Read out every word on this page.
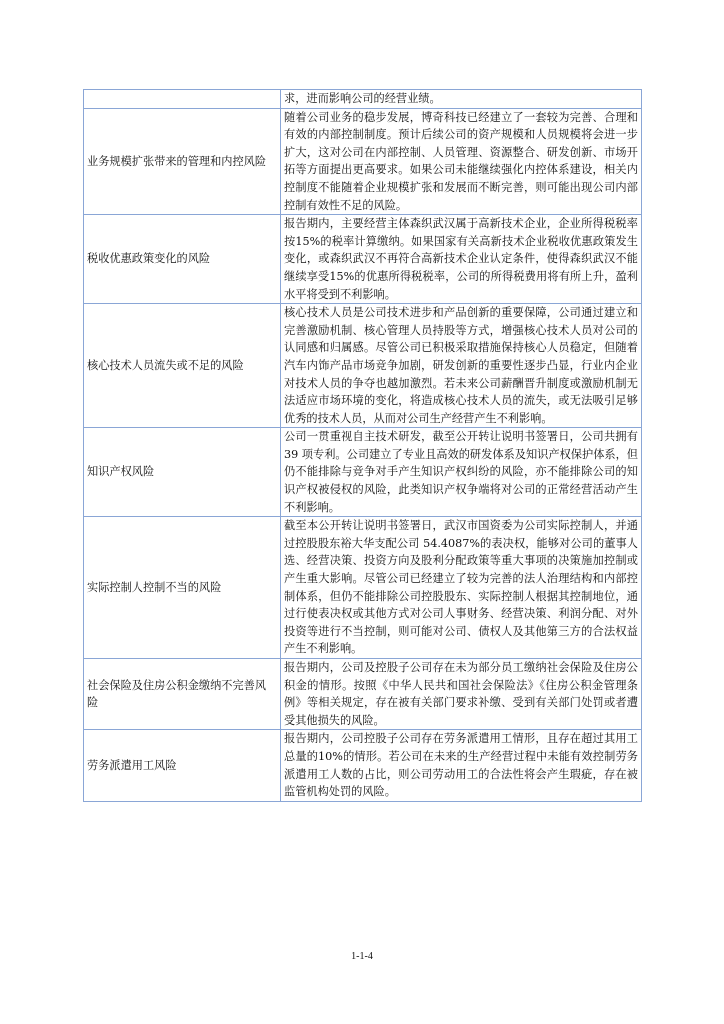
	求，进而影响公司的经营业绩。
业务规模扩张带来的管理和内控风险	随着公司业务的稳步发展，博奇科技已经建立了一套较为完善、合理和有效的内部控制制度。预计后续公司的资产规模和人员规模将会进一步扩大，这对公司在内部控制、人员管理、资源整合、研发创新、市场开拓等方面提出更高要求。如果公司未能继续强化内控体系建设，相关内控制度不能随着企业规模扩张和发展而不断完善，则可能出现公司内部控制有效性不足的风险。
税收优惠政策变化的风险	报告期内，主要经营主体森织武汉属于高新技术企业，企业所得税税率按15%的税率计算缴纳。如果国家有关高新技术企业税收优惠政策发生变化，或森织武汉不再符合高新技术企业认定条件，使得森织武汉不能继续享受15%的优惠所得税税率，公司的所得税费用将有所上升，盈利水平将受到不利影响。
核心技术人员流失或不足的风险	核心技术人员是公司技术进步和产品创新的重要保障，公司通过建立和完善激励机制、核心管理人员持股等方式，增强核心技术人员对公司的认同感和归属感。尽管公司已积极采取措施保持核心人员稳定，但随着汽车内饰产品市场竞争加剧，研发创新的重要性逐步凸显，行业内企业对技术人员的争夺也越加激烈。若未来公司薪酬晋升制度或激励机制无法适应市场环境的变化，将造成核心技术人员的流失，或无法吸引足够优秀的技术人员，从而对公司生产经营产生不利影响。
知识产权风险	公司一贯重视自主技术研发，截至公开转让说明书签署日，公司共拥有 39 项专利。公司建立了专业且高效的研发体系及知识产权保护体系，但仍不能排除与竞争对手产生知识产权纠纷的风险，亦不能排除公司的知识产权被侵权的风险，此类知识产权争端将对公司的正常经营活动产生不利影响。
实际控制人控制不当的风险	截至本公开转让说明书签署日，武汉市国资委为公司实际控制人，并通过控股股东裕大华支配公司 54.4087%的表决权，能够对公司的董事人选、经营决策、投资方向及股利分配政策等重大事项的决策施加控制或产生重大影响。尽管公司已经建立了较为完善的法人治理结构和内部控制体系，但仍不能排除公司控股股东、实际控制人根据其控制地位，通过行使表决权或其他方式对公司人事财务、经营决策、利润分配、对外投资等进行不当控制，则可能对公司、债权人及其他第三方的合法权益产生不利影响。
社会保险及住房公积金缴纳不完善风险	报告期内，公司及控股子公司存在未为部分员工缴纳社会保险及住房公积金的情形。按照《中华人民共和国社会保险法》《住房公积金管理条例》等相关规定，存在被有关部门要求补缴、受到有关部门处罚或者遭受其他损失的风险。
劳务派遣用工风险	报告期内，公司控股子公司存在劳务派遣用工情形，且存在超过其用工总量的10%的情形。若公司在未来的生产经营过程中未能有效控制劳务派遣用工人数的占比，则公司劳动用工的合法性将会产生瑕疵，存在被监管机构处罚的风险。
1-1-4
